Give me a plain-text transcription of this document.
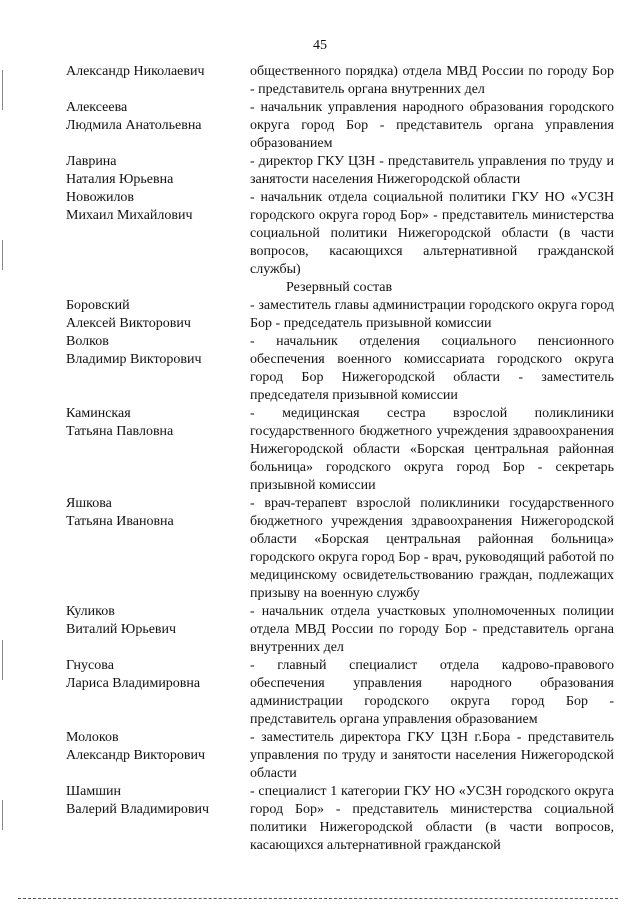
45
Александр Николаевич	общественного порядка) отдела МВД России по городу Бор - представитель органа внутренних дел
Алексеева
Людмила Анатольевна
- начальник управления народного образования городского округа город Бор - представитель органа управления образованием
Лаврина
Наталия Юрьевна
- директор ГКУ ЦЗН - представитель управления по труду и занятости населения Нижегородской области
Новожилов
Михаил Михайлович
- начальник отдела социальной политики ГКУ НО «УСЗН городского округа город Бор» - представитель министерства социальной политики Нижегородской области (в части вопросов, касающихся альтернативной гражданской службы)
Резервный состав
Боровский
Алексей Викторович
- заместитель главы администрации городского округа город Бор - председатель призывной комиссии
Волков
Владимир Викторович
- начальник отделения социального пенсионного обеспечения военного комиссариата городского округа город Бор Нижегородской области - заместитель председателя призывной комиссии
Каминская
Татьяна Павловна
- медицинская сестра взрослой поликлиники государственного бюджетного учреждения здравоохранения Нижегородской области «Борская центральная районная больница» городского округа город Бор - секретарь призывной комиссии
Яшкова
Татьяна Ивановна
- врач-терапевт взрослой поликлиники государственного бюджетного учреждения здравоохранения Нижегородской области «Борская центральная районная больница» городского округа город Бор - врач, руководящий работой по медицинскому освидетельствованию граждан, подлежащих призыву на военную службу
Куликов
Виталий Юрьевич
- начальник отдела участковых уполномоченных полиции отдела МВД России по городу Бор - представитель органа внутренних дел
Гнусова
Лариса Владимировна
- главный специалист отдела кадрово-правового обеспечения управления народного образования администрации городского округа город Бор - представитель органа управления образованием
Молоков
Александр Викторович
- заместитель директора ГКУ ЦЗН г.Бора - представитель управления по труду и занятости населения Нижегородской области
Шамшин
Валерий Владимирович
- специалист 1 категории ГКУ НО «УСЗН городского округа город Бор» - представитель министерства социальной политики Нижегородской области (в части вопросов, касающихся альтернативной гражданской
